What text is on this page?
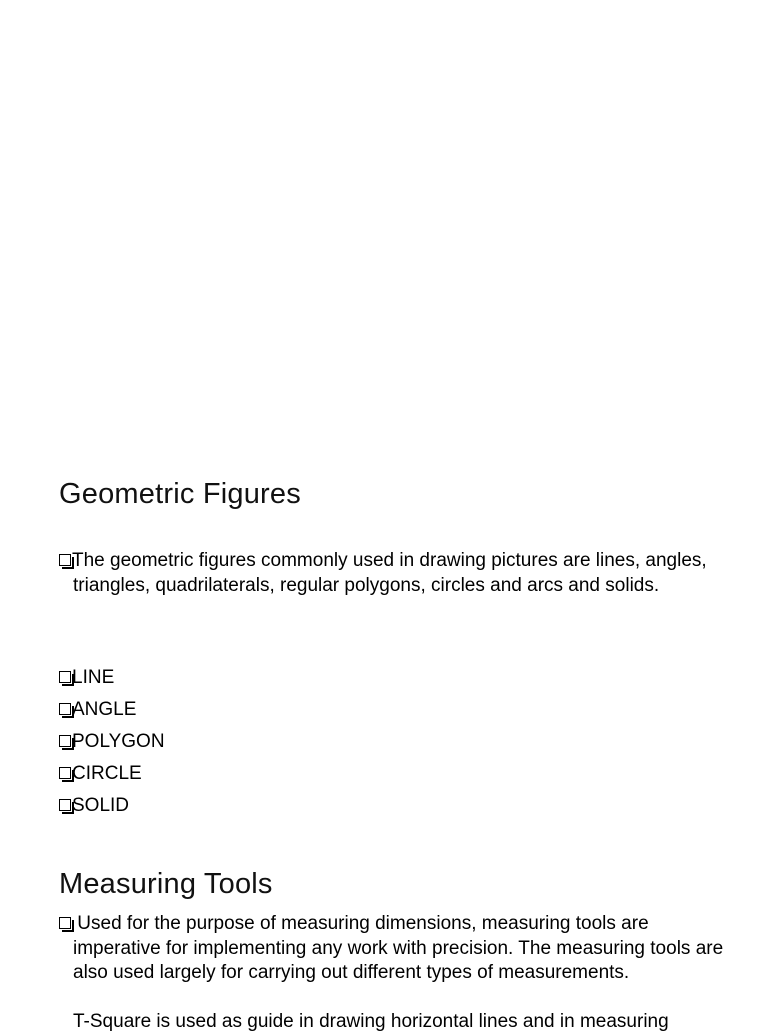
Geometric Figures

The geometric figures commonly used in drawing pictures are lines, angles, triangles, quadrilaterals, regular polygons, circles and arcs and solids.

LINE
ANGLE
POLYGON
CIRCLE
SOLID
Measuring Tools

Used for the purpose of measuring dimensions, measuring tools are imperative for implementing any work with precision. The measuring tools are also used largely for carrying out different types of measurements.

T-Square is used as guide in drawing horizontal lines and in measuring
